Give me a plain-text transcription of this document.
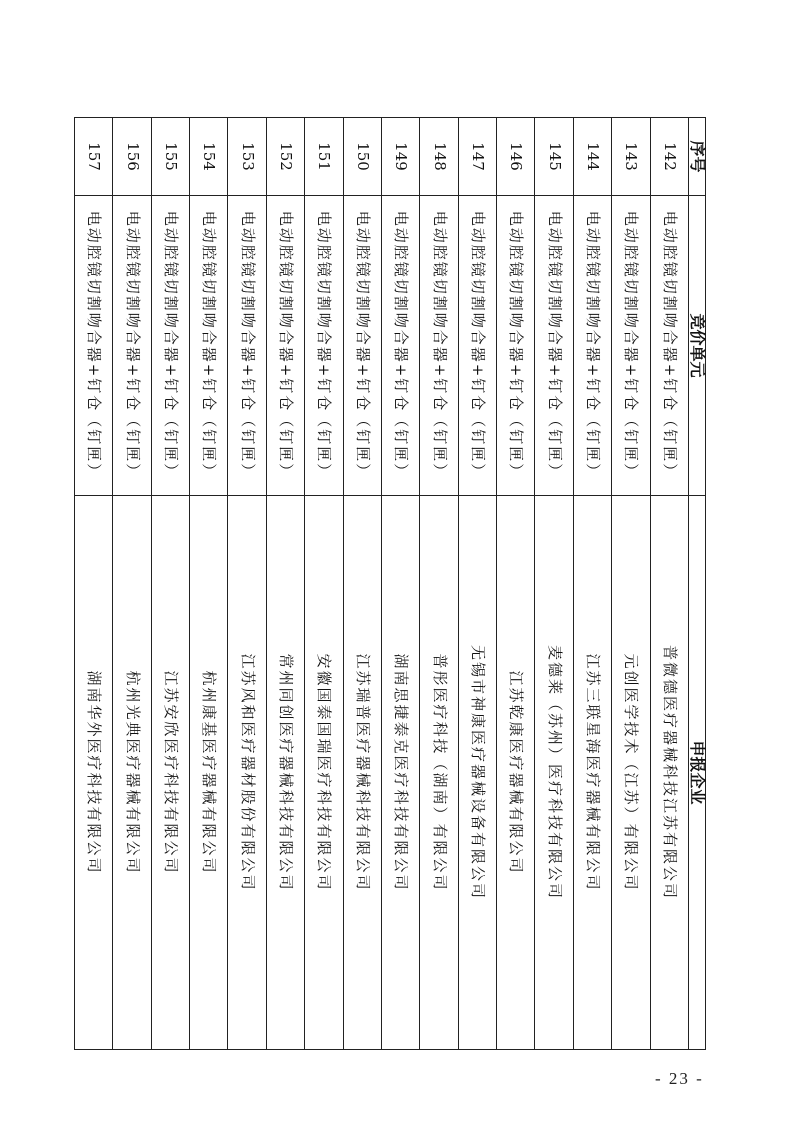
序号	竞价单元	申报企业
142	电动腔镜切割吻合器+钉仓（钉匣）	普微德医疗器械科技江苏有限公司
143	电动腔镜切割吻合器+钉仓（钉匣）	元创医学技术（江苏）有限公司
144	电动腔镜切割吻合器+钉仓（钉匣）	江苏三联星海医疗器械有限公司
145	电动腔镜切割吻合器+钉仓（钉匣）	麦德莱（苏州）医疗科技有限公司
146	电动腔镜切割吻合器+钉仓（钉匣）	江苏乾康医疗器械有限公司
147	电动腔镜切割吻合器+钉仓（钉匣）	无锡市神康医疗器械设备有限公司
148	电动腔镜切割吻合器+钉仓（钉匣）	普彤医疗科技（湖南）有限公司
149	电动腔镜切割吻合器+钉仓（钉匣）	湖南思捷泰克医疗科技有限公司
150	电动腔镜切割吻合器+钉仓（钉匣）	江苏瑞普医疗器械科技有限公司
151	电动腔镜切割吻合器+钉仓（钉匣）	安徽国泰国瑞医疗科技有限公司
152	电动腔镜切割吻合器+钉仓（钉匣）	常州同创医疗器械科技有限公司
153	电动腔镜切割吻合器+钉仓（钉匣）	江苏风和医疗器材股份有限公司
154	电动腔镜切割吻合器+钉仓（钉匣）	杭州康基医疗器械有限公司
155	电动腔镜切割吻合器+钉仓（钉匣）	江苏安欣医疗科技有限公司
156	电动腔镜切割吻合器+钉仓（钉匣）	杭州光典医疗器械有限公司
157	电动腔镜切割吻合器+钉仓（钉匣）	湖南华外医疗科技有限公司
- 23 -
